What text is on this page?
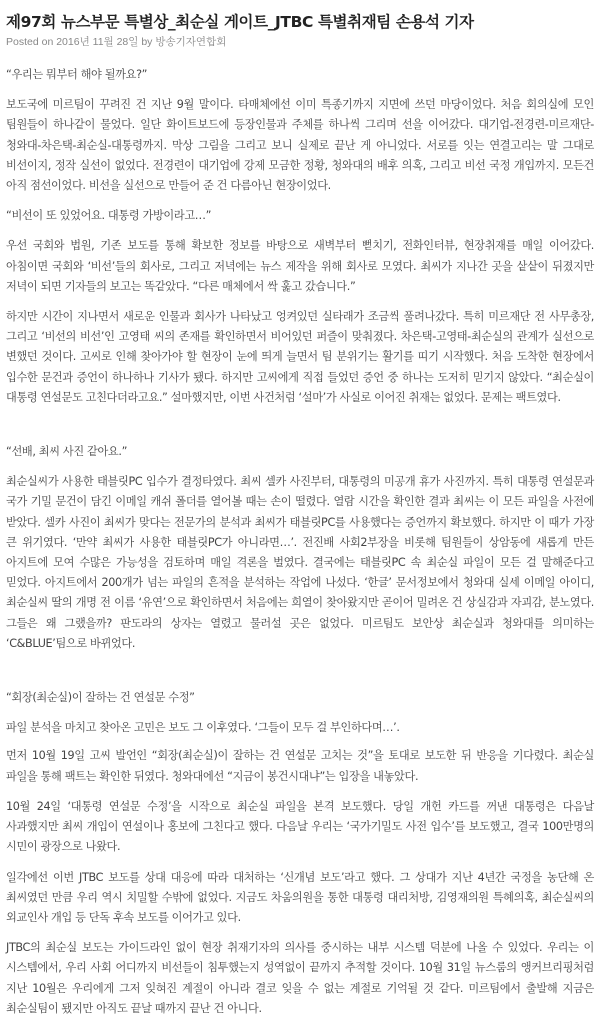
제97회 뉴스부문 특별상_최순실 게이트_JTBC 특별취재팀 손용석 기자
Posted on 2016년 11월 28일 by 방송기자연합회

“우리는 뭐부터 해야 될까요?”

보도국에 미르팀이 꾸려진 건 지난 9월 말이다. 타매체에선 이미 특종기까지 지면에 쓰던 마당이었다. 처음 회의실에 모인 팀원들이 하나같이 물었다. 일단 화이트보드에 등장인물과 주체를 하나씩 그리며 선을 이어갔다. 대기업-전경련-미르재단-청와대-차은택-최순실-대통령까지. 막상 그림을 그리고 보니 실제로 끝난 게 아니었다. 서로를 잇는 연결고리는 말 그대로 비선이지, 정작 실선이 없었다. 전경련이 대기업에 강제 모금한 정황, 청와대의 배후 의혹, 그리고 비선 국정 개입까지. 모든건 아직 점선이었다. 비선을 실선으로 만들어 준 건 다름아닌 현장이었다.

“비선이 또 있었어요. 대통령 가방이라고…”

우선 국회와 법원, 기존 보도를 통해 확보한 정보를 바탕으로 새벽부터 뻗치기, 전화인터뷰, 현장취재를 매일 이어갔다. 아침이면 국회와 ‘비선’들의 회사로, 그리고 저녁에는 뉴스 제작을 위해 회사로 모였다. 최씨가 지나간 곳을 샅샅이 뒤졌지만 저녁이 되면 기자들의 보고는 똑같았다. “다른 매체에서 싹 훑고 갔습니다.”

하지만 시간이 지나면서 새로운 인물과 회사가 나타났고 엉켜있던 실타래가 조금씩 풀려나갔다. 특히 미르재단 전 사무총장, 그리고 ‘비선의 비선’인 고영태 씨의 존재를 확인하면서 비어있던 퍼즐이 맞춰졌다. 차은택-고영태-최순실의 관계가 실선으로 변했던 것이다. 고씨로 인해 찾아가야 할 현장이 눈에 띄게 늘면서 팀 분위기는 활기를 띠기 시작했다. 처음 도착한 현장에서 입수한 문건과 증언이 하나하나 기사가 됐다. 하지만 고씨에게 직접 들었던 증언 중 하나는 도저히 믿기지 않았다. “최순실이 대통령 연설문도 고친다더라고요.” 설마했지만, 이번 사건처럼 ‘설마’가 사실로 이어진 취재는 없었다. 문제는 팩트였다.

“선배, 최씨 사진 같아요.”

최순실씨가 사용한 태블릿PC 입수가 결정타였다. 최씨 셀카 사진부터, 대통령의 미공개 휴가 사진까지. 특히 대통령 연설문과 국가 기밀 문건이 담긴 이메일 캐쉬 폴더를 열어볼 때는 손이 떨렸다. 열람 시간을 확인한 결과 최씨는 이 모든 파일을 사전에 받았다. 셀카 사진이 최씨가 맞다는 전문가의 분석과 최씨가 태블릿PC를 사용했다는 증언까지 확보했다. 하지만 이 때가 가장 큰 위기였다. ‘만약 최씨가 사용한 태블릿PC가 아니라면…’. 전진배 사회2부장을 비롯해 팀원들이 상암동에 새롭게 만든 아지트에 모여 수많은 가능성을 검토하며 매일 격론을 벌였다. 결국에는 태블릿PC 속 최순실 파일이 모든 걸 말해준다고 믿었다. 아지트에서 200개가 넘는 파일의 흔적을 분석하는 작업에 나섰다. ‘한글’ 문서정보에서 청와대 실세 이메일 아이디, 최순실씨 딸의 개명 전 이름 ‘유연’으로 확인하면서 처음에는 희열이 찾아왔지만 곧이어 밀려온 건 상실감과 자괴감, 분노였다. 그들은 왜 그랬을까? 판도라의 상자는 열렸고 물러설 곳은 없었다. 미르팀도 보안상 최순실과 청와대를 의미하는 ‘C&BLUE’팀으로 바뀌었다.

“회장(최순실)이 잘하는 건 연설문 수정”

파일 분석을 마치고 찾아온 고민은 보도 그 이후였다. ‘그들이 모두 걸 부인하다며…’.

먼저 10월 19일 고씨 발언인 “회장(최순실)이 잘하는 건 연설문 고치는 것”을 토대로 보도한 뒤 반응을 기다렸다. 최순실 파일을 통해 팩트는 확인한 뒤였다. 청와대에선 “지금이 봉건시대냐”는 입장을 내놓았다.

10월 24일 ‘대통령 연설문 수정’을 시작으로 최순실 파일을 본격 보도했다. 당일 개헌 카드를 꺼낸 대통령은 다음날 사과했지만 최씨 개입이 연설이나 홍보에 그친다고 했다. 다음날 우리는 ‘국가기밀도 사전 입수’를 보도했고, 결국 100만명의 시민이 광장으로 나왔다.

일각에선 이번 JTBC 보도를 상대 대응에 따라 대처하는 ‘신개념 보도’라고 했다. 그 상대가 지난 4년간 국정을 농단해 온 최씨였던 만큼 우리 역시 치밀할 수밖에 없었다. 지금도 차움의원을 통한 대통령 대리처방, 김영재의원 특혜의혹, 최순실씨의 외교인사 개입 등 단독 후속 보도를 이어가고 있다.

JTBC의 최순실 보도는 가이드라인 없이 현장 취재기자의 의사를 중시하는 내부 시스템 덕분에 나올 수 있었다. 우리는 이 시스템에서, 우리 사회 어디까지 비선들이 침투했는지 성역없이 끝까지 추적할 것이다. 10월 31일 뉴스룸의 앵커브리핑처럼 지난 10월은 우리에게 그저 잊혀진 계절이 아니라 결코 잊을 수 없는 계절로 기억될 것 같다. 미르팀에서 출발해 지금은 최순실팀이 됐지만 아직도 끝날 때까지 끝난 건 아니다.
